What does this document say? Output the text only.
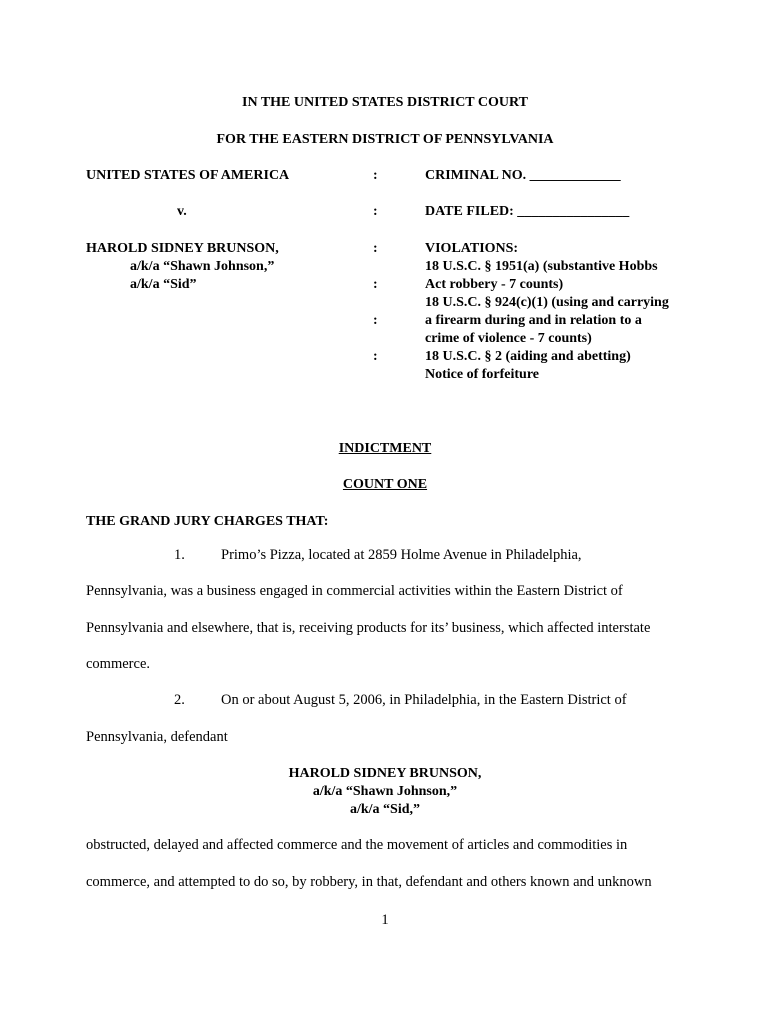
IN THE UNITED STATES DISTRICT COURT
FOR THE EASTERN DISTRICT OF PENNSYLVANIA
UNITED STATES OF AMERICA
v.
HAROLD SIDNEY BRUNSON,
a/k/a “Shawn Johnson,”
a/k/a “Sid”
:
:
:
:
:
:
CRIMINAL NO. _____________
DATE FILED: ________________
VIOLATIONS:
18 U.S.C. § 1951(a) (substantive Hobbs
Act robbery - 7 counts)
18 U.S.C. § 924(c)(1) (using and carrying
a firearm during and in relation to a
crime of violence - 7 counts)
18 U.S.C. § 2 (aiding and abetting)
Notice of forfeiture
INDICTMENT
COUNT ONE
THE GRAND JURY CHARGES THAT:
1. Primo’s Pizza, located at 2859 Holme Avenue in Philadelphia,
Pennsylvania, was a business engaged in commercial activities within the Eastern District of
Pennsylvania and elsewhere, that is, receiving products for its’ business, which affected interstate
commerce.
2. On or about August 5, 2006, in Philadelphia, in the Eastern District of
Pennsylvania, defendant
HAROLD SIDNEY BRUNSON,
a/k/a “Shawn Johnson,”
a/k/a “Sid,”
obstructed, delayed and affected commerce and the movement of articles and commodities in
commerce, and attempted to do so, by robbery, in that, defendant and others known and unknown
1
